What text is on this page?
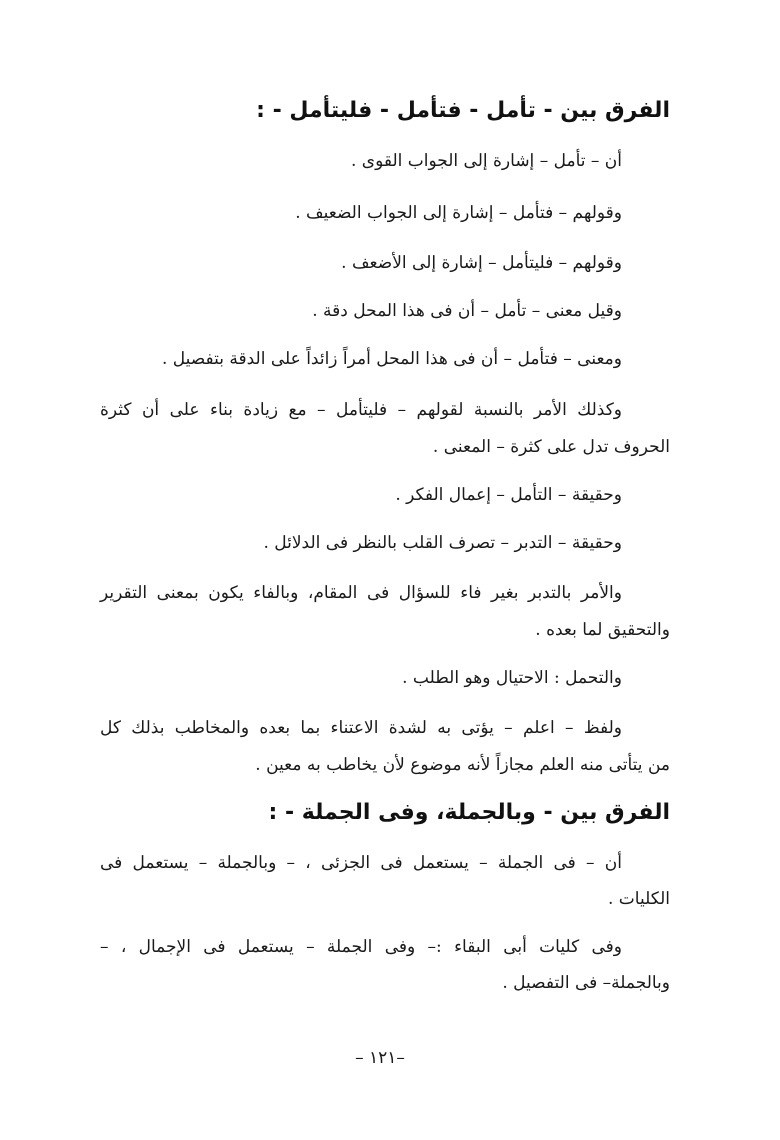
الفرق بين - تأمل - فتأمل - فليتأمل - :
أن – تأمل – إشارة إلى الجواب القوى .
وقولهم – فتأمل – إشارة إلى الجواب الضعيف .
وقولهم – فليتأمل – إشارة إلى الأضعف .
وقيل معنى – تأمل – أن فى هذا المحل دقة .
ومعنى – فتأمل – أن فى هذا المحل أمراً زائداً على الدقة بتفصيل .
وكذلك الأمر بالنسبة لقولهم – فليتأمل – مع زيادة بناء على أن كثرة
الحروف تدل على كثرة – المعنى .
وحقيقة – التأمل – إعمال الفكر .
وحقيقة – التدبر – تصرف القلب بالنظر فى الدلائل .
والأمر بالتدبر بغير فاء للسؤال فى المقام، وبالفاء يكون بمعنى التقرير
والتحقيق لما بعده .
والتحمل : الاحتيال وهو الطلب .
ولفظ – اعلم – يؤتى به لشدة الاعتناء بما بعده والمخاطب بذلك كل
من يتأتى منه العلم مجازاً لأنه موضوع لأن يخاطب به معين .
الفرق بين - وبالجملة، وفى الجملة - :
أن – فى الجملة – يستعمل فى الجزئى ، – وبالجملة – يستعمل فى
الكليات .
وفى كليات أبى البقاء :– وفى الجملة – يستعمل فى الإجمال ، –
وبالجملة– فى التفصيل .
–١٢١ –
